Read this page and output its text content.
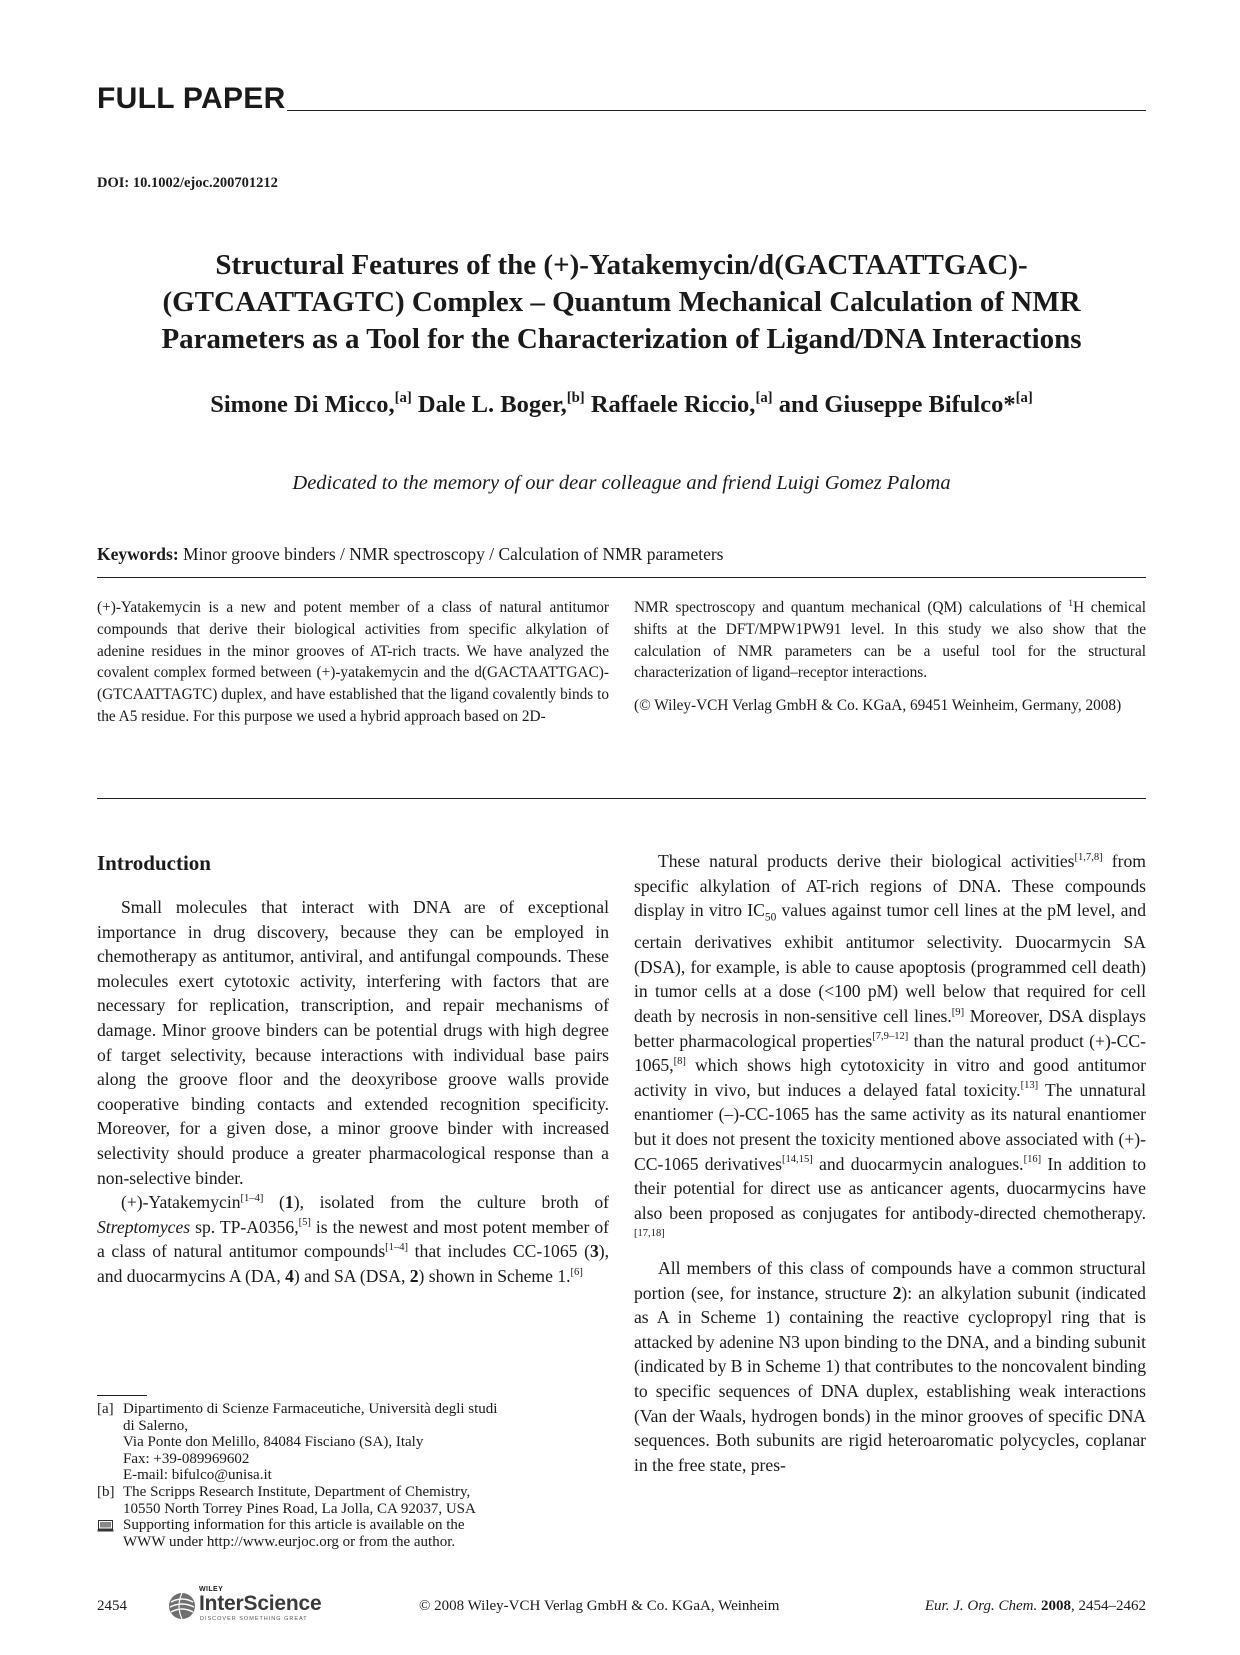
FULL PAPER
DOI: 10.1002/ejoc.200701212
Structural Features of the (+)-Yatakemycin/d(GACTAATTGAC)-
(GTCAATTAGTC) Complex – Quantum Mechanical Calculation of NMR
Parameters as a Tool for the Characterization of Ligand/DNA Interactions
Simone Di Micco,[a] Dale L. Boger,[b] Raffaele Riccio,[a] and Giuseppe Bifulco*[a]
Dedicated to the memory of our dear colleague and friend Luigi Gomez Paloma
Keywords: Minor groove binders / NMR spectroscopy / Calculation of NMR parameters

(+)-Yatakemycin is a new and potent member of a class of natural antitumor compounds that derive their biological activities from specific alkylation of adenine residues in the minor grooves of AT-rich tracts. We have analyzed the covalent complex formed between (+)-yatakemycin and the d(GACTAATTGAC)-(GTCAATTAGTC) duplex, and have established that the ligand covalently binds to the A5 residue. For this purpose we used a hybrid approach based on 2D-

NMR spectroscopy and quantum mechanical (QM) calculations of $^1$H chemical shifts at the DFT/MPW1PW91 level. In this study we also show that the calculation of NMR parameters can be a useful tool for the structural characterization of ligand–receptor interactions.

(© Wiley-VCH Verlag GmbH & Co. KGaA, 69451 Weinheim, Germany, 2008)

Introduction

Small molecules that interact with DNA are of exceptional importance in drug discovery, because they can be employed in chemotherapy as antitumor, antiviral, and antifungal compounds. These molecules exert cytotoxic activity, interfering with factors that are necessary for replication, transcription, and repair mechanisms of damage. Minor groove binders can be potential drugs with high degree of target selectivity, because interactions with individual base pairs along the groove floor and the deoxyribose groove walls provide cooperative binding contacts and extended recognition specificity. Moreover, for a given dose, a minor groove binder with increased selectivity should produce a greater pharmacological response than a non-selective binder.

(+)-Yatakemycin[1–4] (1), isolated from the culture broth of Streptomyces sp. TP-A0356,[5] is the newest and most potent member of a class of natural antitumor compounds[1–4] that includes CC-1065 (3), and duocarmycins A (DA, 4) and SA (DSA, 2) shown in Scheme 1.[6]

These natural products derive their biological activities[1,7,8] from specific alkylation of AT-rich regions of DNA. These compounds display in vitro $IC_{50}$ values against tumor cell lines at the pM level, and certain derivatives exhibit antitumor selectivity. Duocarmycin SA (DSA), for example, is able to cause apoptosis (programmed cell death) in tumor cells at a dose (<100 pM) well below that required for cell death by necrosis in non-sensitive cell lines.[9] Moreover, DSA displays better pharmacological properties[7,9–12] than the natural product (+)-CC-1065,[8] which shows high cytotoxicity in vitro and good antitumor activity in vivo, but induces a delayed fatal toxicity.[13] The unnatural enantiomer (–)-CC-1065 has the same activity as its natural enantiomer but it does not present the toxicity mentioned above associated with (+)-CC-1065 derivatives[14,15] and duocarmycin analogues.[16] In addition to their potential for direct use as anticancer agents, duocarmycins have also been proposed as conjugates for antibody-directed chemotherapy.[17,18]

All members of this class of compounds have a common structural portion (see, for instance, structure 2): an alkylation subunit (indicated as A in Scheme 1) containing the reactive cyclopropyl ring that is attacked by adenine N3 upon binding to the DNA, and a binding subunit (indicated by B in Scheme 1) that contributes to the noncovalent binding to specific sequences of DNA duplex, establishing weak interactions (Van der Waals, hydrogen bonds) in the minor grooves of specific DNA sequences. Both subunits are rigid heteroaromatic polycycles, coplanar in the free state, pres-

[a] Dipartimento di Scienze Farmaceutiche, Università degli studi
di Salerno,
Via Ponte don Melillo, 84084 Fisciano (SA), Italy
Fax: +39-089969602
E-mail: bifulco@unisa.it
[b] The Scripps Research Institute, Department of Chemistry,
10550 North Torrey Pines Road, La Jolla, CA 92037, USA
Supporting information for this article is available on the
WWW under http://www.eurjoc.org or from the author.
2454
WILEY
InterScience
DISCOVER SOMETHING GREAT
© 2008 Wiley-VCH Verlag GmbH & Co. KGaA, Weinheim	Eur. J. Org. Chem. 2008, 2454–2462
